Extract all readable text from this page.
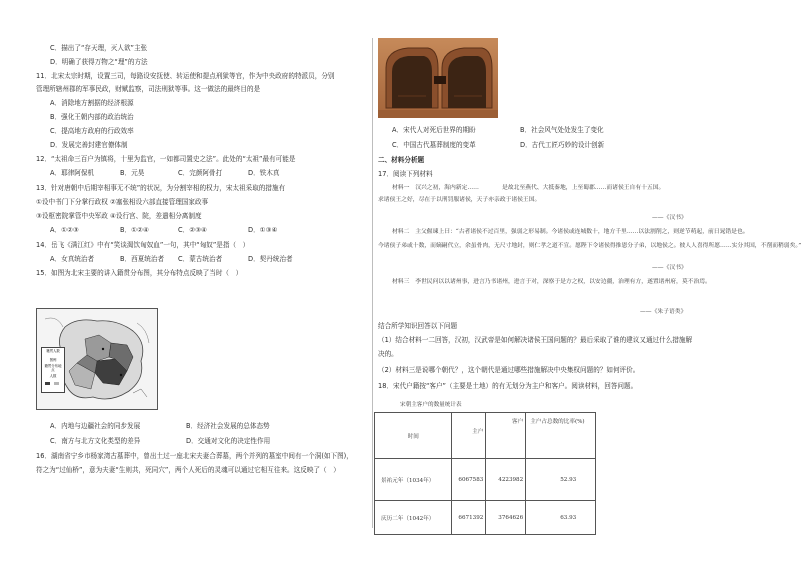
C．描出了“存天理，灭人欲”主张
D．明确了获得万物之“理”的方法
11．北宋太宗时期，设置三司，每路设安抚使、转运使和提点刑狱等官，作为中央政府的特派员，分别
管理所辖州郡的军事民政，财赋监察，司法刑狱等事。这一做法的最终目的是
A．消除地方割据的经济根源
B．强化王朝内部的政治统治
C．提高地方政府的行政效率
D．发展完善封建官僚体制
12．“太祖命三百户为镇将，十里为监官，一如都司置史之法”。此处的“太祖”最有可能是
A．耶律阿保机	B．元昊	C．完颜阿骨打	D．铁木真
13．针对唐朝中后期宰相事无不统”的状况，为分割宰相的权力，宋太祖采取的措施有
①设中书门下分掌行政权 ②塞张相设六部直接管理国家政事
③设枢密院掌管中央军政 ④设行宫、院，差遣相分离制度
A．①②③	B．①②④	C．②③④	D．①③④
14．岳飞《满江红》中有“笑谈渴饮匈奴血”一句，其中“匈奴”是指（　）
A．女真统治者	B．西夏统治者 C．蒙古统治者	D．契丹统治者
15．如图为北宋主要的讲入籍贯分布图，其分布特点反映了当时（　）
A．内地与边疆社会的同步发展	B．经济社会发展的总体态势
C．南方与北方文化类型的差异	D．交通对文化的决定性作用
16．湖南省宁乡市杨家湾古墓葬中，曾出土过一座北宋夫妻合葬墓，两个并列的墓室中间有一个洞(如下图)，
符之为“过仙桥”，意为夫妻“生则共，死同穴”，两个人死后的灵魂可以通过它相互往来。这反映了（　）
籍贯人数
图例
籍贯分布地点
人数
A．宋代人对死后世界的期盼	B．社会风气处处发生了变化
C．中国古代墓葬制度的变革	D．古代工匠巧妙的设计创新
二、材料分析题
17．阅读下列材料
材料一　汉兴之初，海内新定……	是故北至燕代、大抵秦地，上至蜀郡……而诸侯王自有十五国。
求诸侯王之好，尽在于以刑罚服诸侯，天子亦亲政于诸侯王国。
——《汉书》
材料二　主父偃谏上曰：“古者诸侯不过百里，强弱之形易制。今诸侯或连城数十，地方千里……以法割削之，则逆节萌起，前日晁错是也。
今诸侯子弟或十数，而嫡嗣代立，余虽骨肉，无尺寸地封，则仁孝之道不宣。愿陛下令诸侯得推恩分子弟，以地侯之。彼人人喜得所愿……实分其国，不削而稍弱矣。”
——《汉书》
材料三　李世民问以以诸州事，进言乃书诸州，进言于对，深察于是方之权，以安边疆，治理有方，遂置诸州府，莫不治焉。
——《朱子语类》
结合所学知识回答以下问题
（1）结合材料一二回答，汉初，汉武帝是如何解决诸侯王国问题的？最后采取了谁的建议又通过什么措施解
决的。
（2）材料三是说哪个朝代？，这个朝代是通过哪些措施解决中央集权问题的？如何评价。
18．宋代户籍按“客户”（主要是土地）的有无划分为主户和客户。阅读材料，回答问题。
宋朝主客户的数量统计表
时间	主户	客户	主户占总数的比率(%)
景祐元年（1034年）	6067583	4223982	52.93
庆历二年（1042年）	6671392	3764626	63.93
